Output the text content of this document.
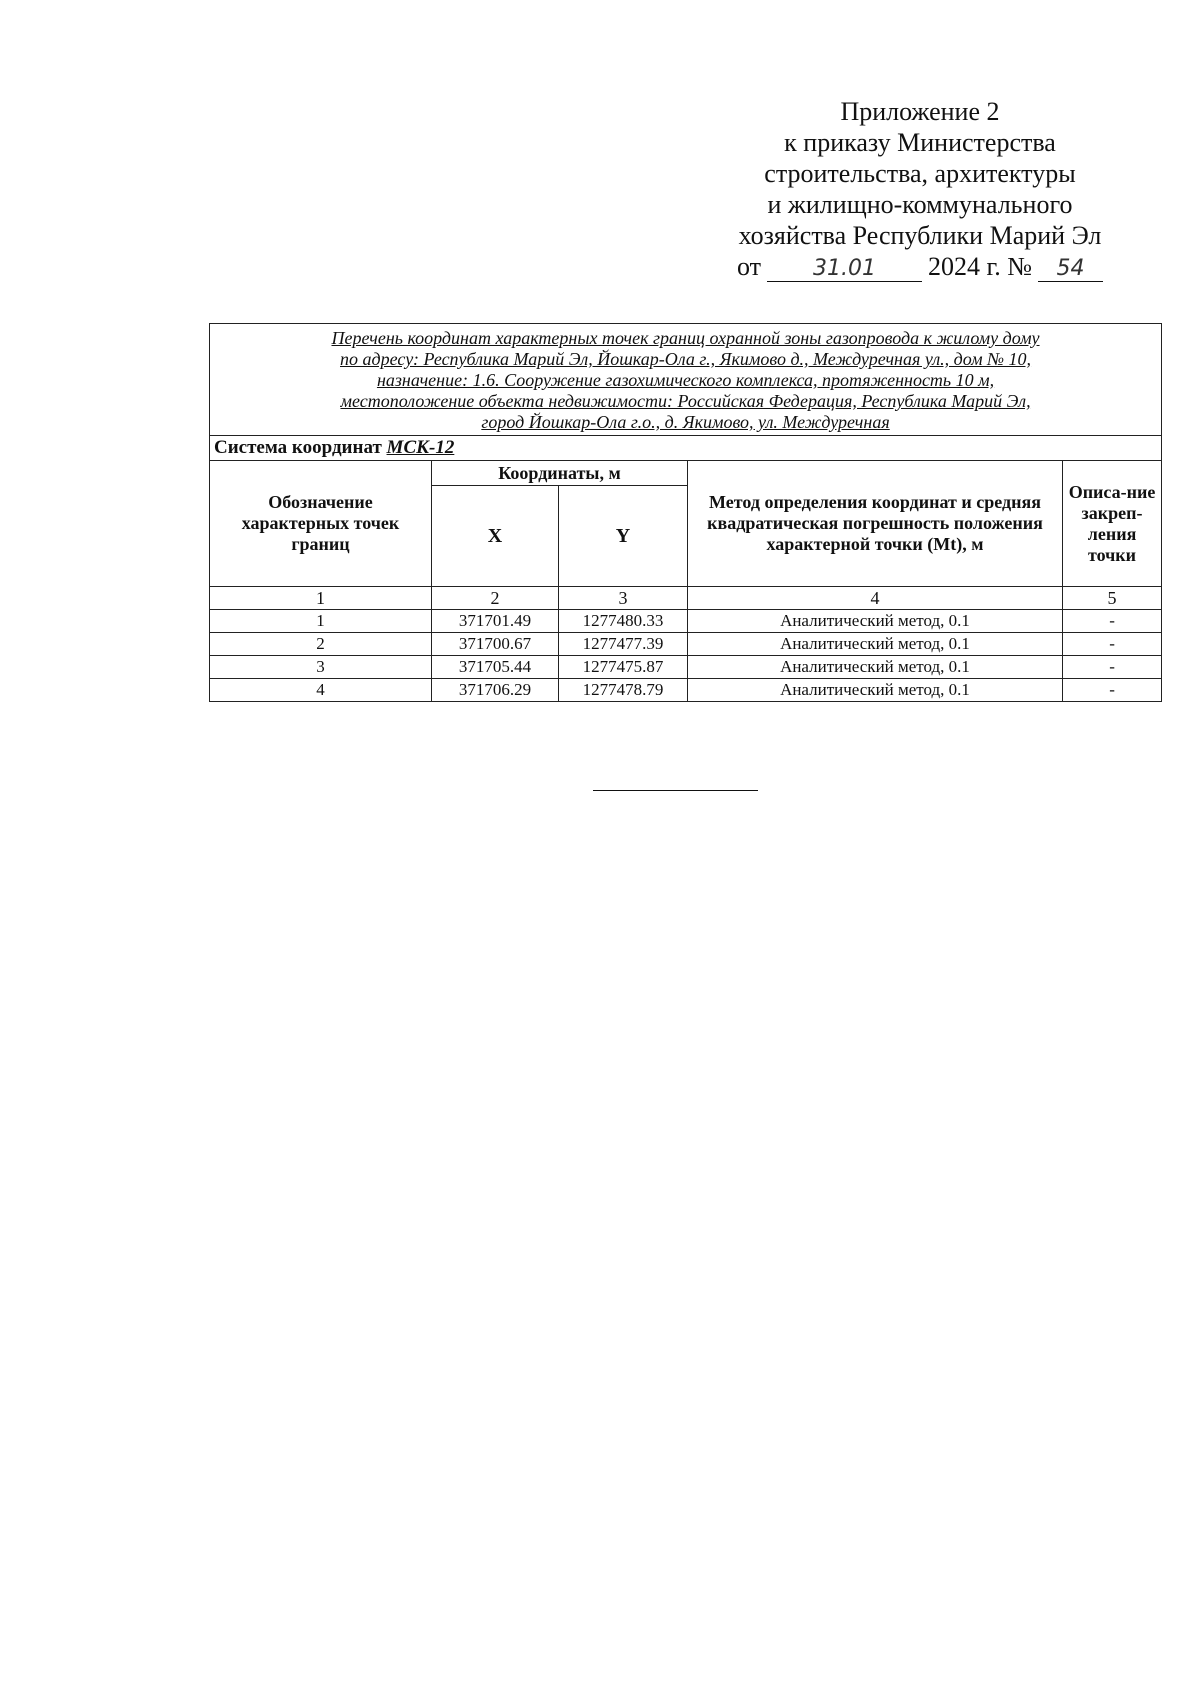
Приложение 2
к приказу Министерства
строительства, архитектуры
и жилищно-коммунального
хозяйства Республики Марий Эл
от	31.01	2024 г. №	54
Перечень координат характерных точек границ охранной зоны газопровода к жилому дому
по адресу: Республика Марий Эл, Йошкар-Ола г., Якимово д., Междуречная ул., дом № 10,
назначение: 1.6. Сооружение газохимического комплекса, протяженность 10 м,
местоположение объекта недвижимости: Российская Федерация, Республика Марий Эл,
город Йошкар-Ола г.о., д. Якимово, ул. Междуречная				

Система координат МСК-12				
Обозначение характерных точек границ	Координаты, м		Метод определения координат и средняя квадратическая погрешность положения характерной точки (Mt), м	Описа-ние закреп-ления точки
	X	Y		
1	2	3	4	5
1	371701.49	1277480.33	Аналитический метод, 0.1	-
2	371700.67	1277477.39	Аналитический метод, 0.1	-
3	371705.44	1277475.87	Аналитический метод, 0.1	-
4	371706.29	1277478.79	Аналитический метод, 0.1	-
